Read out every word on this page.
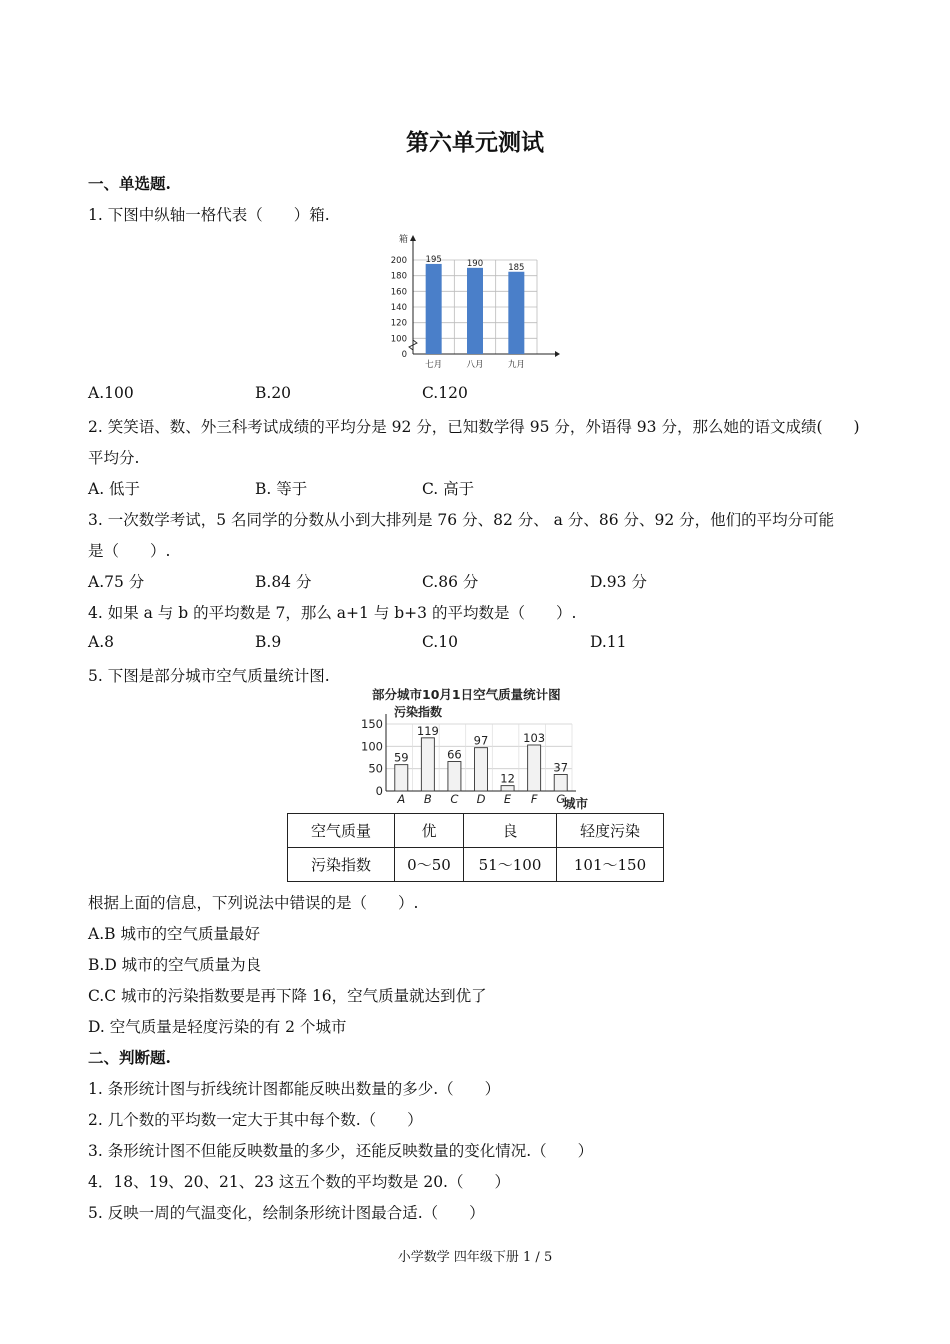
第六单元测试
一、单选题.
1. 下图中纵轴一格代表（　　）箱.
0
100
120
140
160
180
200
箱
195
七月
190
八月
185
九月
A.100	B.20	C.120
2. 笑笑语、数、外三科考试成绩的平均分是 92 分，已知数学得 95 分，外语得 93 分，那么她的语文成绩(　　)
平均分.
A. 低于	B. 等于	C. 高于
3. 一次数学考试，5 名同学的分数从小到大排列是 76 分、82 分、 a 分、86 分、92 分，他们的平均分可能
是（　　）.
A.75 分	B.84 分	C.86 分	D.93 分
4. 如果 a 与 b 的平均数是 7，那么 a+1 与 b+3 的平均数是（　　）.
A.8	B.9	C.10	D.11
5. 下图是部分城市空气质量统计图.
部分城市10月1日空气质量统计图
污染指数
0
50
100
150
城市
59
A
119
B
66
C
97
D
12
E
103
F
37
G
空气质量	优	良	轻度污染
污染指数	0～50	51～100	101～150
根据上面的信息，下列说法中错误的是（　　）.
A.B 城市的空气质量最好
B.D 城市的空气质量为良
C.C 城市的污染指数要是再下降 16，空气质量就达到优了
D. 空气质量是轻度污染的有 2 个城市
二、判断题.
1. 条形统计图与折线统计图都能反映出数量的多少.（　　）
2. 几个数的平均数一定大于其中每个数.（　　）
3. 条形统计图不但能反映数量的多少，还能反映数量的变化情况.（　　）
4．18、19、20、21、23 这五个数的平均数是 20.（　　）
5. 反映一周的气温变化，绘制条形统计图最合适.（　　）
小学数学 四年级下册 1 / 5
